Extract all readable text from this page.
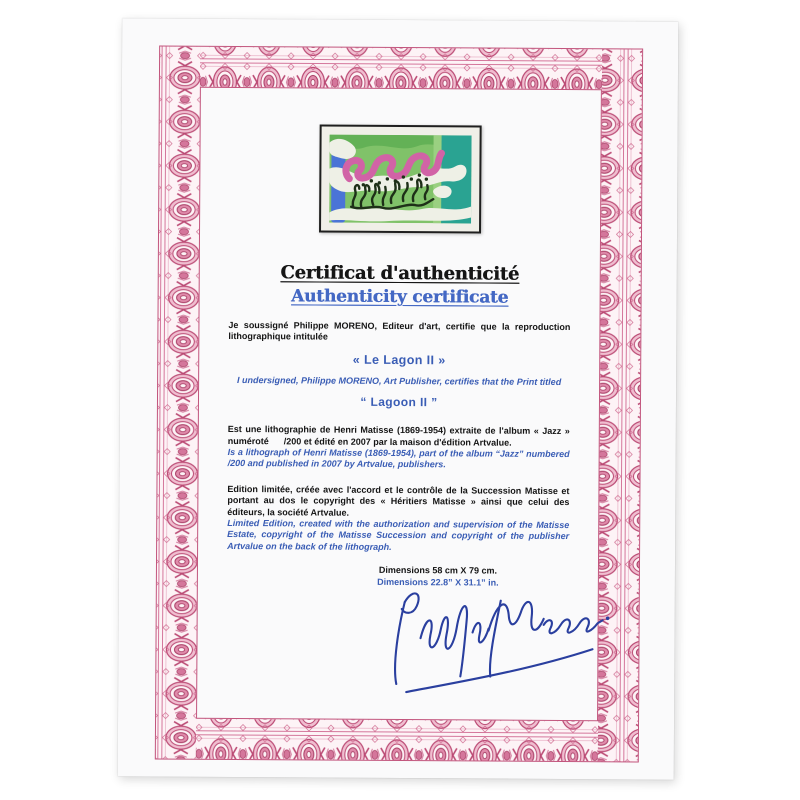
Certificat d'authenticité
Authenticity certificate
Je soussigné Philippe MORENO, Editeur d'art, certifie que la reproduction lithographique intitulée
« Le Lagon II »
I undersigned, Philippe MORENO, Art Publisher, certifies that the Print titled
“ Lagoon II ”
Est une lithographie de Henri Matisse (1869-1954) extraite de l'album « Jazz » numéroté      /200 et édité en 2007 par la maison d'édition Artvalue.
Is a lithograph of Henri Matisse (1869-1954), part of the album “Jazz” numbered      /200 and published in 2007 by Artvalue, publishers.
Edition limitée, créée avec l'accord et le contrôle de la Succession Matisse et portant au dos le copyright des « Héritiers Matisse » ainsi que celui des éditeurs, la société Artvalue.
Limited Edition, created with the authorization and supervision of the Matisse Estate, copyright of the Matisse Succession and copyright of the publisher Artvalue on the back of the lithograph.
Dimensions 58 cm X 79 cm.
Dimensions 22.8” X 31.1” in.
